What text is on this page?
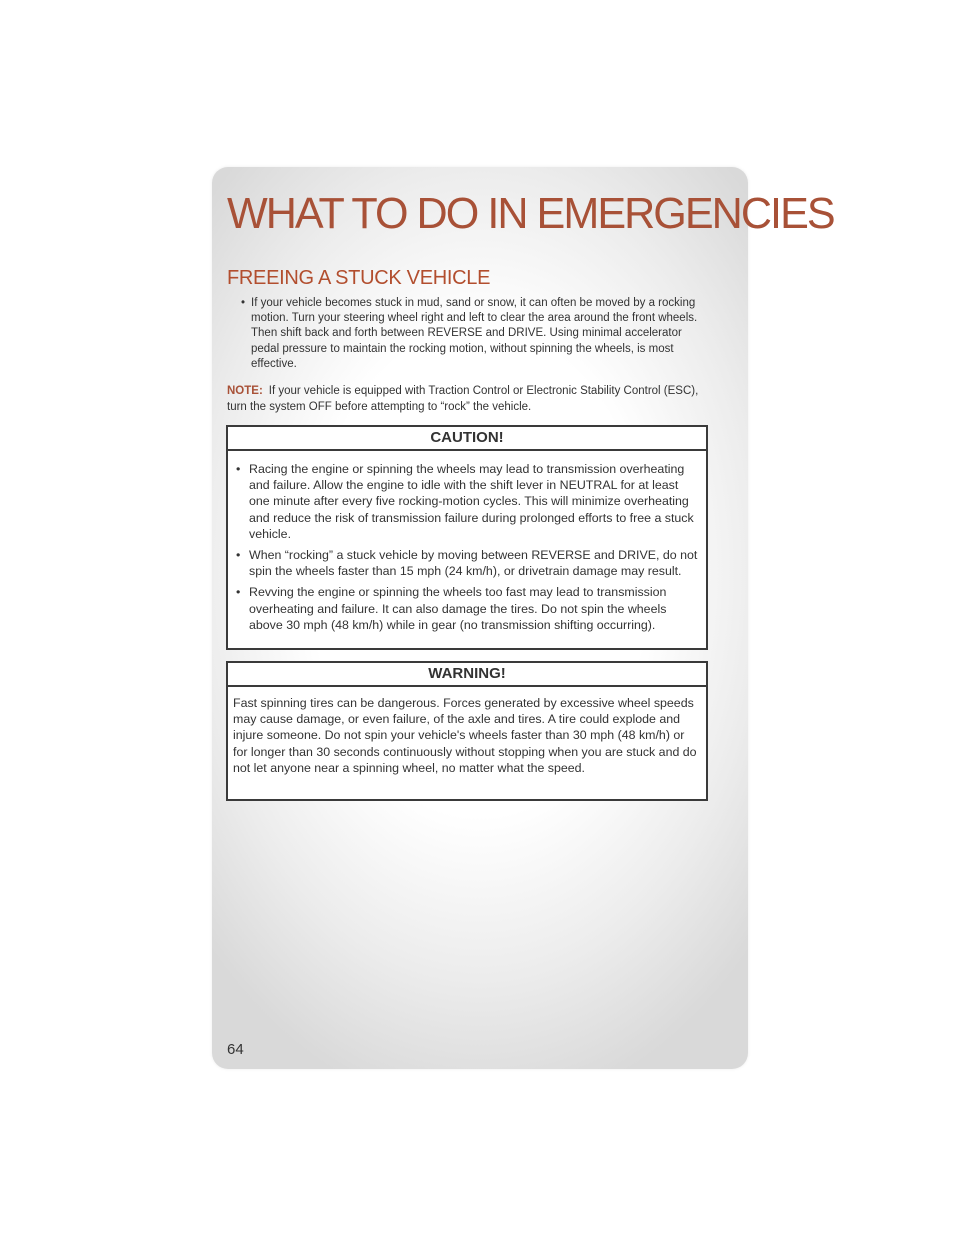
WHAT TO DO IN EMERGENCIES
FREEING A STUCK VEHICLE
• If your vehicle becomes stuck in mud, sand or snow, it can often be moved by a rocking motion. Turn your steering wheel right and left to clear the area around the front wheels. Then shift back and forth between REVERSE and DRIVE. Using minimal accelerator pedal pressure to maintain the rocking motion, without spinning the wheels, is most effective.

NOTE: If your vehicle is equipped with Traction Control or Electronic Stability Control (ESC), turn the system OFF before attempting to “rock” the vehicle.

CAUTION!
• Racing the engine or spinning the wheels may lead to transmission overheating and failure. Allow the engine to idle with the shift lever in NEUTRAL for at least one minute after every five rocking-motion cycles. This will minimize overheating and reduce the risk of transmission failure during prolonged efforts to free a stuck vehicle.
• When “rocking” a stuck vehicle by moving between REVERSE and DRIVE, do not spin the wheels faster than 15 mph (24 km/h), or drivetrain damage may result.
• Revving the engine or spinning the wheels too fast may lead to transmission overheating and failure. It can also damage the tires. Do not spin the wheels above 30 mph (48 km/h) while in gear (no transmission shifting occurring).
WARNING!

Fast spinning tires can be dangerous. Forces generated by excessive wheel speeds may cause damage, or even failure, of the axle and tires. A tire could explode and injure someone. Do not spin your vehicle's wheels faster than 30 mph (48 km/h) or for longer than 30 seconds continuously without stopping when you are stuck and do not let anyone near a spinning wheel, no matter what the speed.

64
